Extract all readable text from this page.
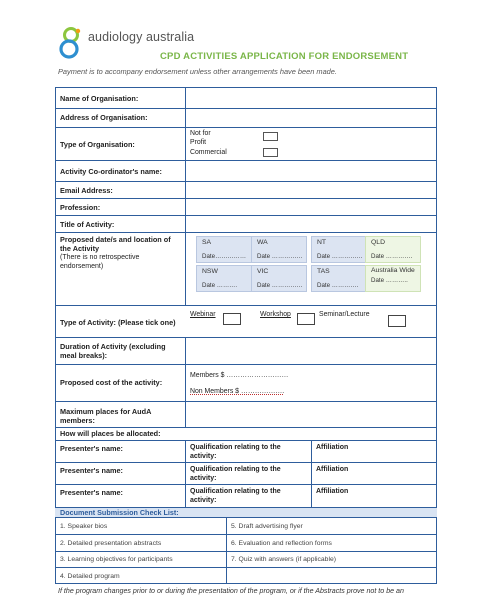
audiology australia
CPD ACTIVITIES APPLICATION FOR ENDORSEMENT
Payment is to accompany endorsement unless other arrangements have been made.
Name of Organisation:
Address of Organisation:
Type of Organisation:
Not for
Profit
Commercial
Activity Co-ordinator's name:
Email Address:
Profession:
Title of Activity:
Proposed date/s and location of
the Activity
(There is no retrospective
endorsement)
SA
Date……………
WA
Date ……………
NT
Date ……………
QLD
Date ………….
NSW
Date ……….
VIC
Date ……………
TAS
Date ………….
Australia Wide
Date ………..
Type of Activity: (Please tick one)
Webinar	Workshop	Seminar/Lecture
Duration of Activity (excluding
meal breaks):
Proposed cost of the activity:
Members $ ………………………
Non Members $ ……………….
Maximum places for AudA
members:
How will places be allocated:
Presenter's name:	Qualification relating to the
activity:
Affiliation
Presenter's name:	Qualification relating to the
activity:
Affiliation
Presenter's name:	Qualification relating to the
activity:
Affiliation
Document Submission Check List:
1. Speaker bios	5. Draft advertising flyer
2. Detailed presentation abstracts	6. Evaluation and reflection forms
3. Learning objectives for participants	7. Quiz with answers (if applicable)
4. Detailed program
If the program changes prior to or during the presentation of the program, or if the Abstracts prove not to be an
